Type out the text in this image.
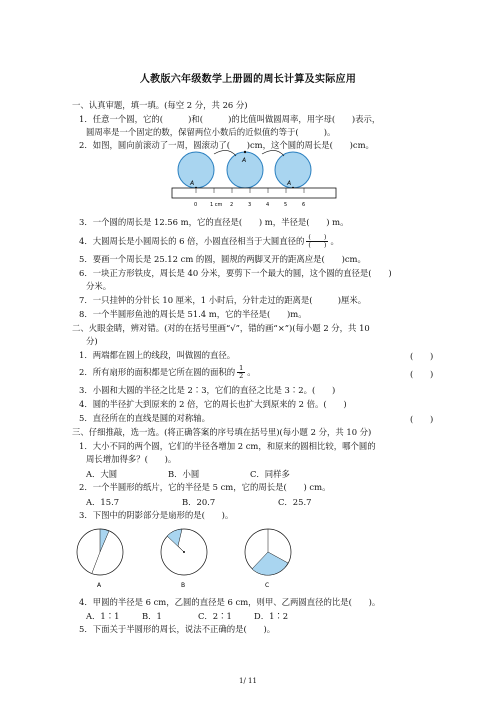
人教版六年级数学上册圆的周长计算及实际应用
一、认真审题，填一填。(每空 2 分，共 26 分)
1．任意一个圆，它的(　　　)和(　　　)的比值叫做圆周率，用字母(　　)表示，
圆周率是一个固定的数，保留两位小数后的近似值约等于(　　　)。
2．如图，圆向前滚动了一周，圆滚动了(　　)cm，这个圆的周长是(　　)cm。
A
A
A
0	1 cm 2	3	4	5	6
3．一个圆的周长是 12.56 m，它的直径是(　　) m，半径是(　　) m。
4．大圆周长是小圆周长的 6 倍，小圆直径相当于大圆直径的 $\frac{( )}{( )}$ 。
5．要画一个周长是 25.12 cm 的圆，圆规的两脚叉开的距离应是(　　)cm。
6．一块正方形铁皮，周长是 40 分米，要剪下一个最大的圆，这个圆的直径是(　　)
分米。
7．一只挂钟的分针长 10 厘米，1 小时后，分针走过的距离是(　　　)厘米。
8．一个半圆形鱼池的周长是 51.4 m，它的半径是(　　)m。
二、火眼金睛，辨对错。(对的在括号里画“√”，错的画“×”)(每小题 2 分，共 10
分)
1．两端都在圆上的线段，叫做圆的直径。	(　　)
2．所有扇形的面积都是它所在圆的面积的 $\frac{1}{2}$ 。	(　　)
3．小圆和大圆的半径之比是 2∶3，它们的直径之比是 3∶2。(　　)
4．圆的半径扩大到原来的 2 倍，它的周长也扩大到原来的 2 倍。(　　)
5．直径所在的直线是圆的对称轴。	(　　)
三、仔细推敲，选一选。(将正确答案的序号填在括号里)(每小题 2 分，共 10 分)
1．大小不同的两个圆，它们的半径各增加 2 cm，和原来的圆相比较，哪个圆的
周长增加得多？(　　)。
A．大圆	B．小圆	C．同样多
2．一个半圆形的纸片，它的半径是 5 cm，它的周长是(　　) cm。
A．15.7	B．20.7	C．25.7
3．下图中的阴影部分是扇形的是(　　)。
A	B	C
4．甲圆的半径是 6 cm，乙圆的直径是 6 cm，则甲、乙两圆直径的比是(　　)。
A．1∶1	B．1	C．2∶1	D．1∶2
5．下面关于半圆形的周长，说法不正确的是(　　)。
1/ 11
